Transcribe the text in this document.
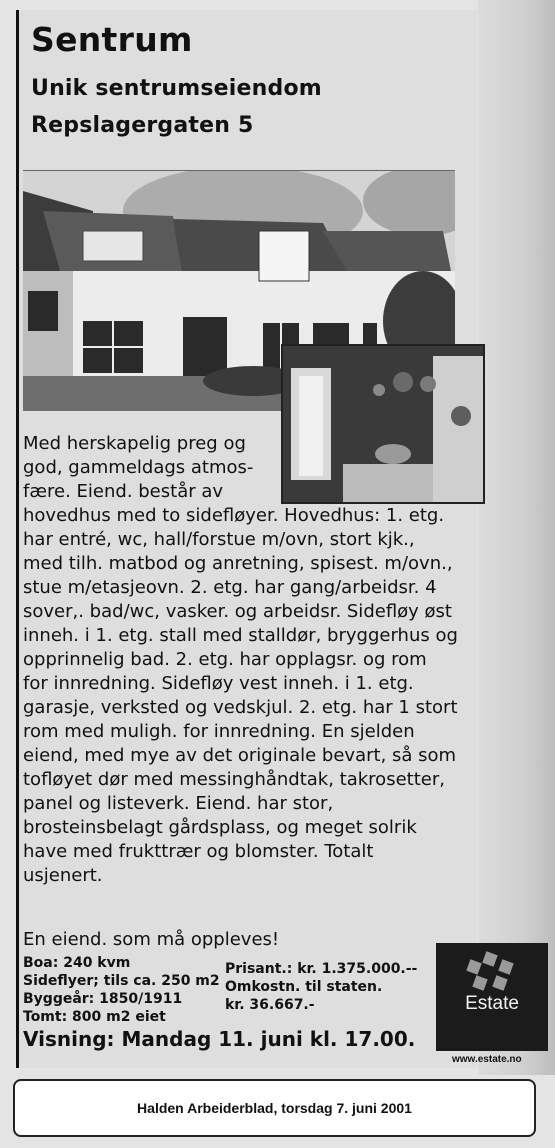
Sentrum
Unik sentrumseiendom
Repslagergaten 5
Med herskapelig preg og
god, gammeldags atmos-
fære. Eiend. består av
hovedhus med to sidefløyer. Hovedhus: 1. etg.
har entré, wc, hall/forstue m/ovn, stort kjk.,
med tilh. matbod og anretning, spisest. m/ovn.,
stue m/etasjeovn. 2. etg. har gang/arbeidsr. 4
sover,. bad/wc, vasker. og arbeidsr. Sidefløy øst
inneh. i 1. etg. stall med stalldør, bryggerhus og
opprinnelig bad. 2. etg. har opplagsr. og rom
for innredning. Sidefløy vest inneh. i 1. etg.
garasje, verksted og vedskjul. 2. etg. har 1 stort
rom med muligh. for innredning. En sjelden
eiend, med mye av det originale bevart, så som
tofløyet dør med messinghåndtak, takrosetter,
panel og listeverk. Eiend. har stor,
brosteinsbelagt gårdsplass, og meget solrik
have med frukttrær og blomster. Totalt
usjenert.
En eiend. som må oppleves!
Boa: 240 kvm
Sideflyer; tils ca. 250 m2
Byggeår: 1850/1911
Tomt: 800 m2 eiet
Prisant.: kr. 1.375.000.--
Omkostn. til staten.
kr. 36.667.-
Visning: Mandag 11. juni kl. 17.00.
Estate
www.estate.no
Halden Arbeiderblad, torsdag 7. juni 2001
